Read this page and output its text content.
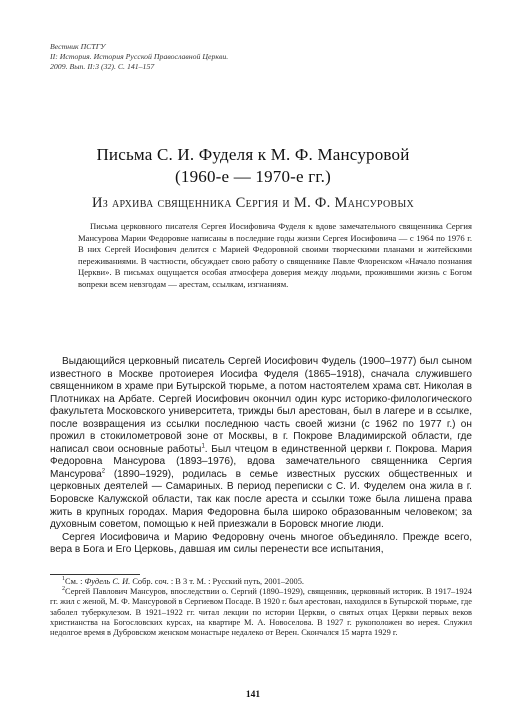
Вестник ПСТГУ
II: История. История Русской Православной Церкви.
2009. Вып. II:3 (32). С. 141–157
Письма С. И. Фуделя к М. Ф. Мансуровой
(1960-е — 1970-е гг.)
Из архива священника Сергия и М. Ф. Мансуровых

Письма церковного писателя Сергея Иосифовича Фуделя к вдове замечательного священника Сергия Мансурова Марии Федоровне написаны в последние годы жизни Сергея Иосифовича — с 1964 по 1976 г. В них Сергей Иосифович делится с Марией Федоровной своими творческими планами и житейскими переживаниями. В частности, обсуждает свою работу о священнике Павле Флоренском «Начало познания Церкви». В письмах ощущается особая атмосфера доверия между людьми, прожившими жизнь с Богом вопреки всем невзгодам — арестам, ссылкам, изгнаниям.

Выдающийся церковный писатель Сергей Иосифович Фудель (1900–1977) был сыном известного в Москве протоиерея Иосифа Фуделя (1865–1918), сначала служившего священником в храме при Бутырской тюрьме, а потом настоятелем храма свт. Николая в Плотниках на Арбате. Сергей Иосифович окончил один курс историко-филологического факультета Московского университета, трижды был арестован, был в лагере и в ссылке, после возвращения из ссылки последнюю часть своей жизни (с 1962 по 1977 г.) он прожил в стокилометровой зоне от Москвы, в г. Покрове Владимирской области, где написал свои основные работы$^1$. Был чтецом в единственной церкви г. Покрова. Мария Федоровна Мансурова (1893–1976), вдова замечательного священника Сергия Мансурова$^2$ (1890–1929), родилась в семье известных русских общественных и церковных деятелей — Самариных. В период переписки с С. И. Фуделем она жила в г. Боровске Калужской области, так как после ареста и ссылки тоже была лишена права жить в крупных городах. Мария Федоровна была широко образованным человеком; за духовным советом, помощью к ней приезжали в Боровск многие люди.

Сергея Иосифовича и Марию Федоровну очень многое объединяло. Прежде всего, вера в Бога и Его Церковь, давшая им силы перенести все испытания,

$^1$См. : Фудель С. И. Собр. соч. : В 3 т. М. : Русский путь, 2001–2005.

$^2$Сергей Павлович Мансуров, впоследствии о. Сергий (1890–1929), священник, церковный историк. В 1917–1924 гг. жил с женой, М. Ф. Мансуровой в Сергиевом Посаде. В 1920 г. был арестован, находился в Бутырской тюрьме, где заболел туберкулезом. В 1921–1922 гг. читал лекции по истории Церкви, о святых отцах Церкви первых веков христианства на Богословских курсах, на квартире М. А. Новоселова. В 1927 г. рукоположен во иерея. Служил недолгое время в Дубровском женском монастыре недалеко от Верен. Скончался 15 марта 1929 г.

141
